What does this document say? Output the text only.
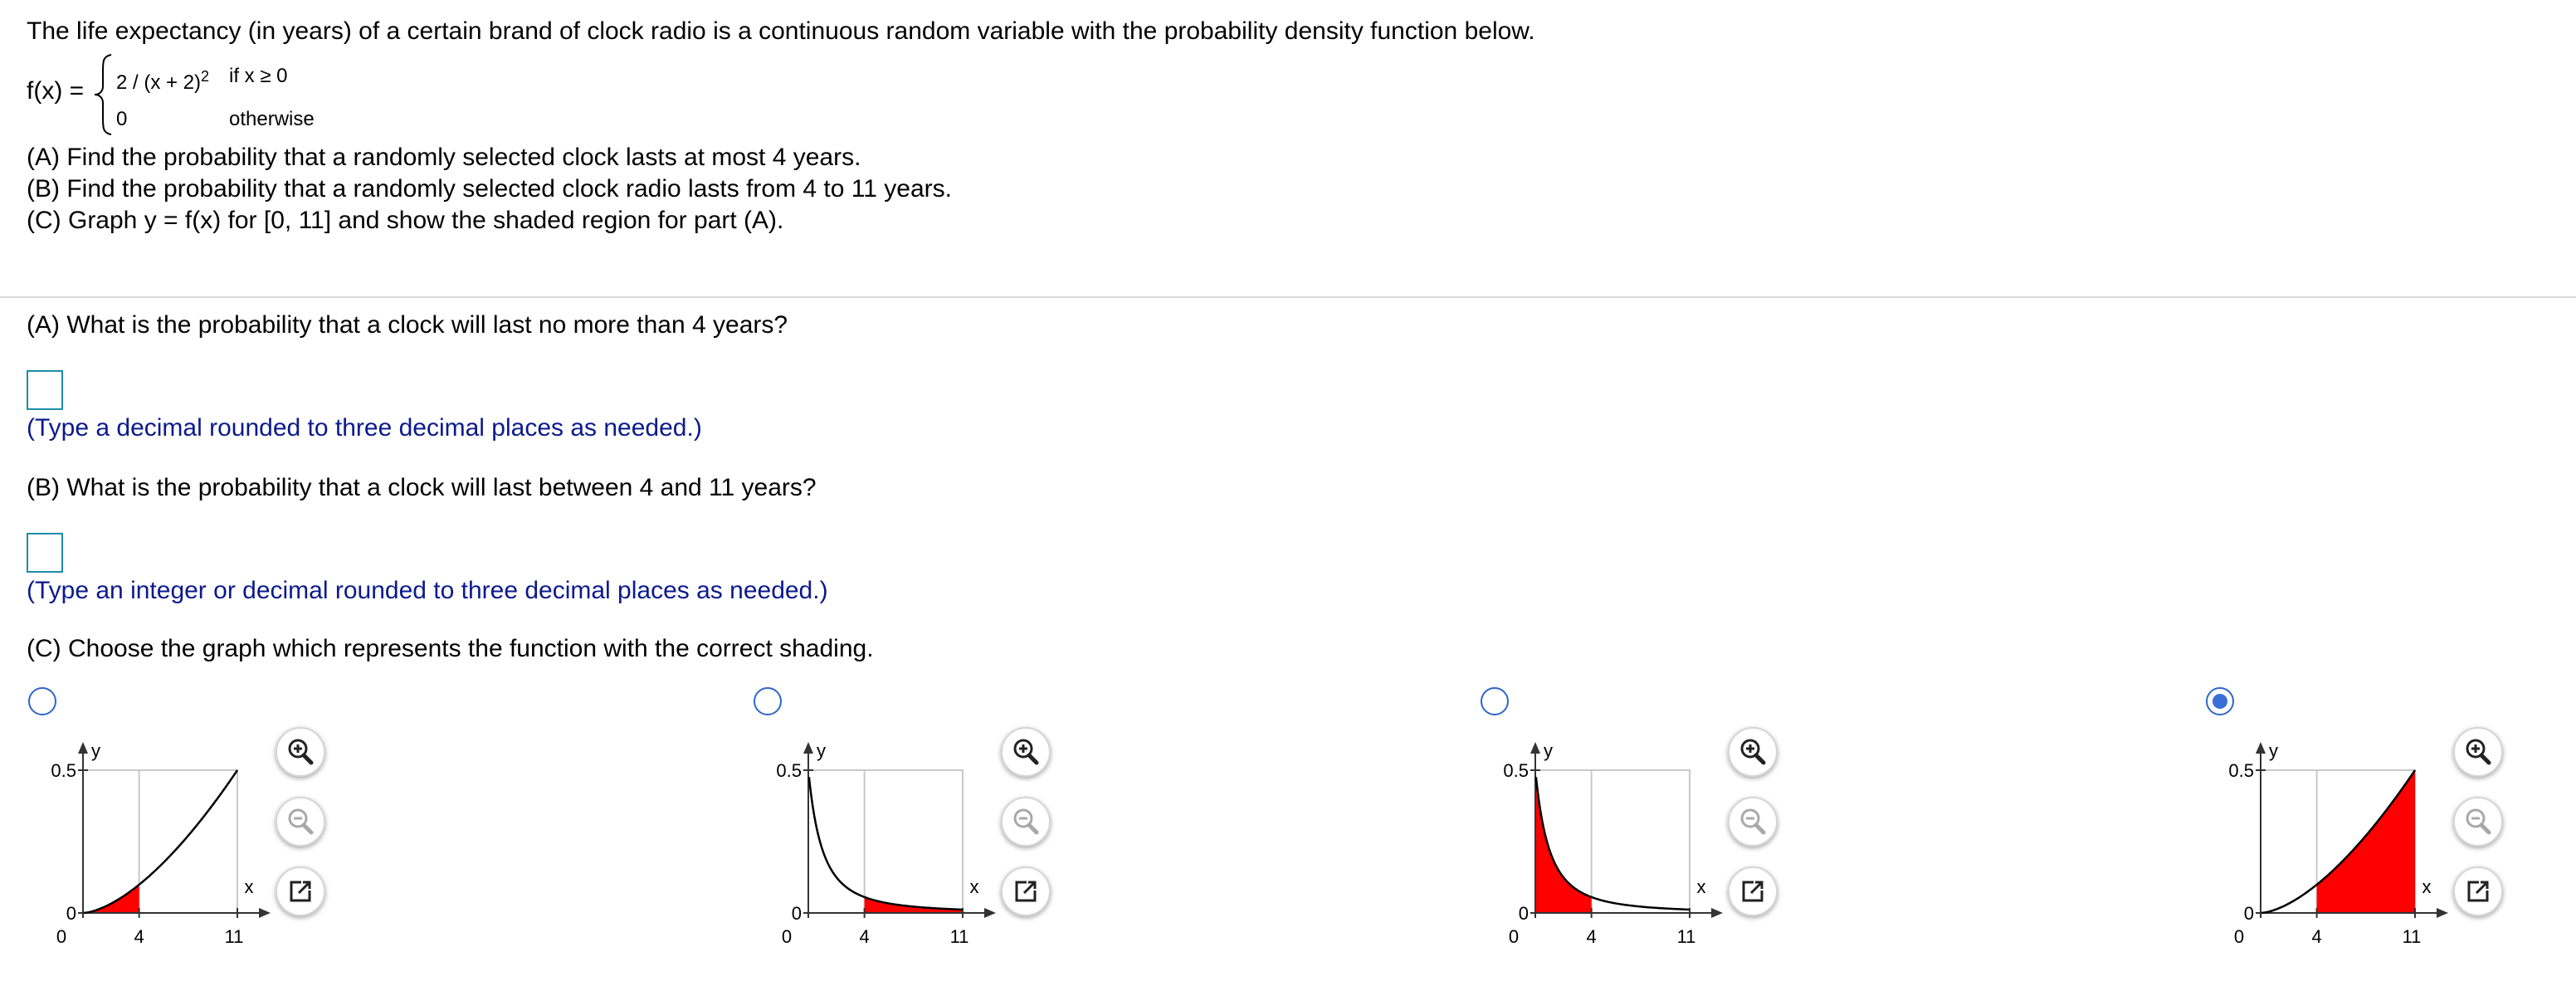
The life expectancy (in years) of a certain brand of clock radio is a continuous random variable with the probability density function below.
$f(x) = 2 / (x + 2)^2$ if x ≥ 0
0	otherwise
(A) Find the probability that a randomly selected clock lasts at most 4 years.
(B) Find the probability that a randomly selected clock radio lasts from 4 to 11 years.
(C) Graph y = f(x) for [0, 11] and show the shaded region for part (A).
(A) What is the probability that a clock will last no more than 4 years?
(Type a decimal rounded to three decimal places as needed.)
(B) What is the probability that a clock will last between 4 and 11 years?
(Type an integer or decimal rounded to three decimal places as needed.)
(C) Choose the graph which represents the function with the correct shading.
y
x
0.5
0
0	4	11
y
x
0.5
0
0	4	11
y
x
0.5
0
0	4	11
y
x
0.5
0
0	4	11
